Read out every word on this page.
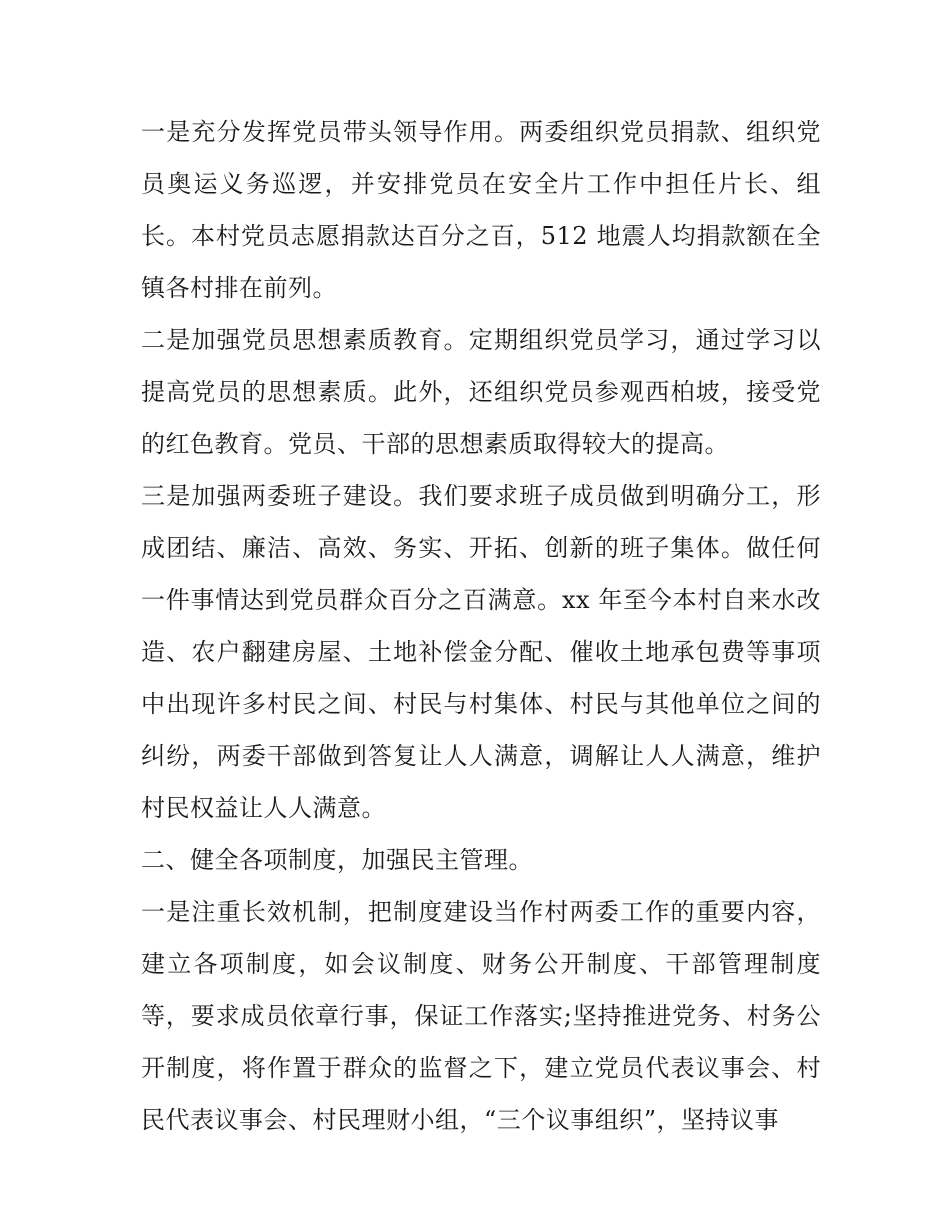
一是充分发挥党员带头领导作用。两委组织党员捐款、组织党员奥运义务巡逻，并安排党员在安全片工作中担任片长、组长。本村党员志愿捐款达百分之百，512 地震人均捐款额在全镇各村排在前列。

二是加强党员思想素质教育。定期组织党员学习，通过学习以提高党员的思想素质。此外，还组织党员参观西柏坡，接受党的红色教育。党员、干部的思想素质取得较大的提高。

三是加强两委班子建设。我们要求班子成员做到明确分工，形成团结、廉洁、高效、务实、开拓、创新的班子集体。做任何一件事情达到党员群众百分之百满意。xx 年至今本村自来水改造、农户翻建房屋、土地补偿金分配、催收土地承包费等事项中出现许多村民之间、村民与村集体、村民与其他单位之间的纠纷，两委干部做到答复让人人满意，调解让人人满意，维护村民权益让人人满意。

二、健全各项制度，加强民主管理。

一是注重长效机制，把制度建设当作村两委工作的重要内容，建立各项制度，如会议制度、财务公开制度、干部管理制度等，要求成员依章行事，保证工作落实;坚持推进党务、村务公开制度，将作置于群众的监督之下，建立党员代表议事会、村民代表议事会、村民理财小组，“三个议事组织”，坚持议事
